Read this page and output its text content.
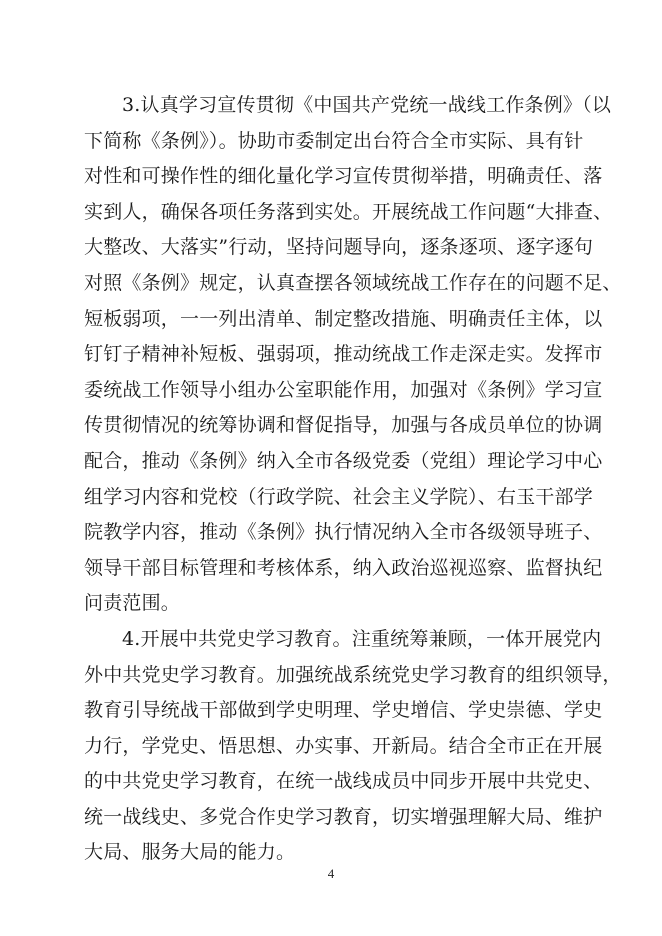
3.认真学习宣传贯彻《中国共产党统一战线工作条例》（以
下简称《条例》）。协助市委制定出台符合全市实际、具有针
对性和可操作性的细化量化学习宣传贯彻举措，明确责任、落
实到人，确保各项任务落到实处。开展统战工作问题“大排查、
大整改、大落实”行动，坚持问题导向，逐条逐项、逐字逐句
对照《条例》规定，认真查摆各领域统战工作存在的问题不足、
短板弱项，一一列出清单、制定整改措施、明确责任主体，以
钉钉子精神补短板、强弱项，推动统战工作走深走实。发挥市
委统战工作领导小组办公室职能作用，加强对《条例》学习宣
传贯彻情况的统筹协调和督促指导，加强与各成员单位的协调
配合，推动《条例》纳入全市各级党委（党组）理论学习中心
组学习内容和党校（行政学院、社会主义学院）、右玉干部学
院教学内容，推动《条例》执行情况纳入全市各级领导班子、
领导干部目标管理和考核体系，纳入政治巡视巡察、监督执纪
问责范围。
4.开展中共党史学习教育。注重统筹兼顾，一体开展党内
外中共党史学习教育。加强统战系统党史学习教育的组织领导，
教育引导统战干部做到学史明理、学史增信、学史崇德、学史
力行，学党史、悟思想、办实事、开新局。结合全市正在开展
的中共党史学习教育，在统一战线成员中同步开展中共党史、
统一战线史、多党合作史学习教育，切实增强理解大局、维护
大局、服务大局的能力。
4
